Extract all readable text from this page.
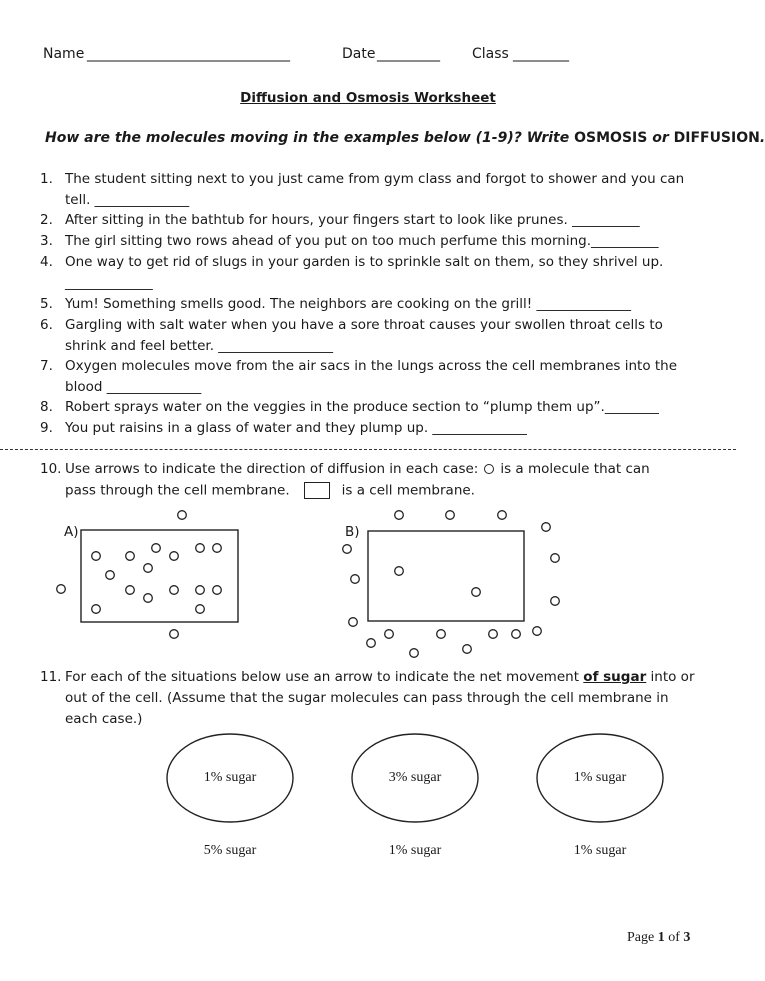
Name _____________________________	Date _________ Class ________
Diffusion and Osmosis Worksheet
How are the molecules moving in the examples below (1-9)? Write OSMOSIS or DIFFUSION.
1. The student sitting next to you just came from gym class and forgot to shower and you can
tell. ______________
2. After sitting in the bathtub for hours, your fingers start to look like prunes. __________
3. The girl sitting two rows ahead of you put on too much perfume this morning.__________
4. One way to get rid of slugs in your garden is to sprinkle salt on them, so they shrivel up.
_____________
5. Yum! Something smells good. The neighbors are cooking on the grill! ______________
6. Gargling with salt water when you have a sore throat causes your swollen throat cells to
shrink and feel better. _________________
7. Oxygen molecules move from the air sacs in the lungs across the cell membranes into the
blood ______________
8. Robert sprays water on the veggies in the produce section to “plump them up”.________
9. You put raisins in a glass of water and they plump up. ______________
10. Use arrows to indicate the direction of diffusion in each case: is a molecule that can
pass through the cell membrane.	is a cell membrane.
A)	B)
11. For each of the situations below use an arrow to indicate the net movement of sugar into or
out of the cell. (Assume that the sugar molecules can pass through the cell membrane in
each case.)
1% sugar	3% sugar	1% sugar
5% sugar	1% sugar	1% sugar
Page 1 of 3
